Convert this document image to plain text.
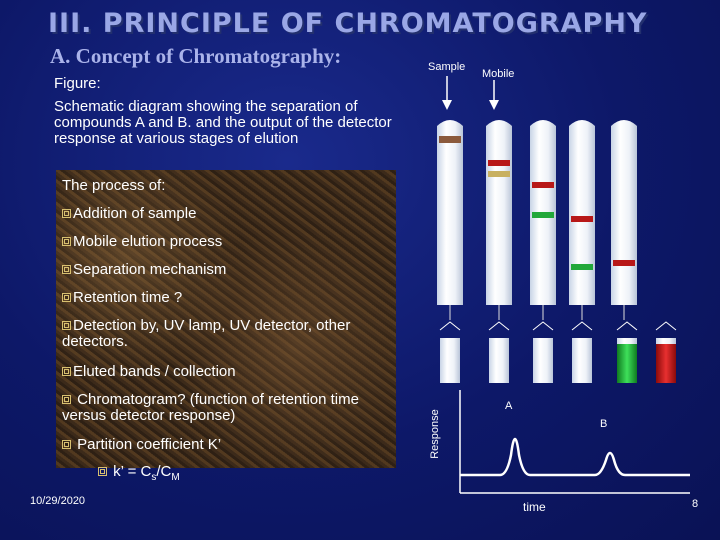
III. PRINCIPLE OF CHROMATOGRAPHY
A. Concept of Chromatography:
Figure:
Schematic diagram showing the separation of compounds A and B. and the output of the detector response at various stages of elution
The process of:
Addition of sample
Mobile elution process
Separation mechanism
Retention time ?
Detection by, UV lamp, UV detector, other detectors.
Eluted bands / collection
Chromatogram? (function of retention time versus detector response)
Partition coefficient K’
k’ = $C_s/C_M$
10/29/2020	8
Sample
Mobile
A
B
time
Response
